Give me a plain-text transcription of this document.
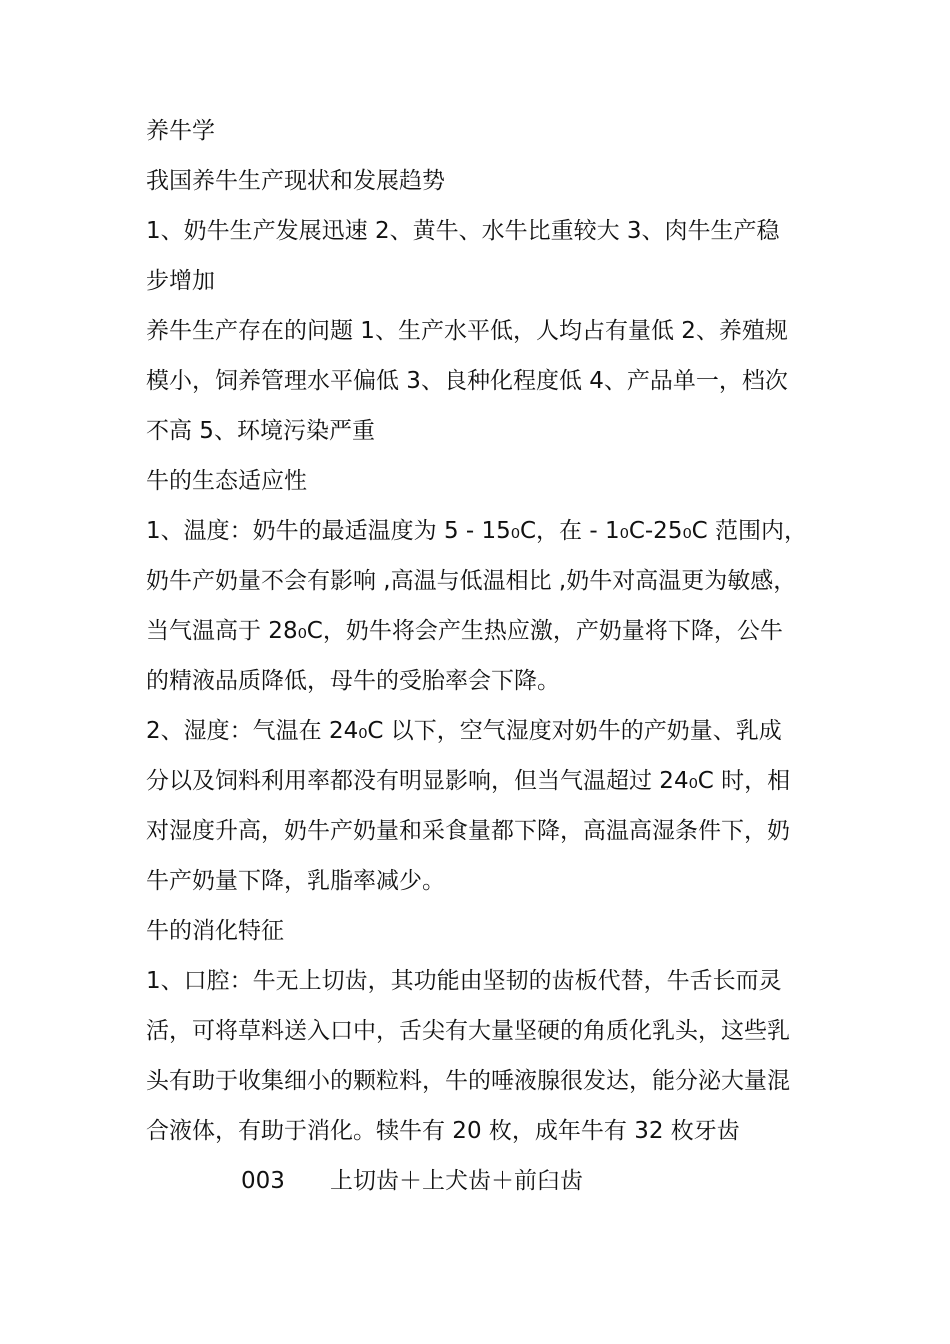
养牛学
我国养牛生产现状和发展趋势
1、奶牛生产发展迅速 2、黄牛、水牛比重较大 3、肉牛生产稳
步增加
养牛生产存在的问题 1、生产水平低，人均占有量低 2、养殖规
模小，饲养管理水平偏低 3、良种化程度低 4、产品单一，档次
不高 5、环境污染严重
牛的生态适应性
1、温度：奶牛的最适温度为 5 - 15₀C，在 - 1₀C-25₀C 范围内，
奶牛产奶量不会有影响 ,高温与低温相比 ,奶牛对高温更为敏感，
当气温高于 28₀C，奶牛将会产生热应激，产奶量将下降，公牛
的精液品质降低，母牛的受胎率会下降。
2、湿度：气温在 24₀C 以下，空气湿度对奶牛的产奶量、乳成
分以及饲料利用率都没有明显影响，但当气温超过 24₀C 时，相
对湿度升高，奶牛产奶量和采食量都下降，高温高湿条件下，奶
牛产奶量下降，乳脂率减少。
牛的消化特征
1、口腔：牛无上切齿，其功能由坚韧的齿板代替，牛舌长而灵
活，可将草料送入口中，舌尖有大量坚硬的角质化乳头，这些乳
头有助于收集细小的颗粒料，牛的唾液腺很发达，能分泌大量混
合液体，有助于消化。犊牛有 20 枚，成年牛有 32 枚牙齿
003 上切齿＋上犬齿＋前臼齿
